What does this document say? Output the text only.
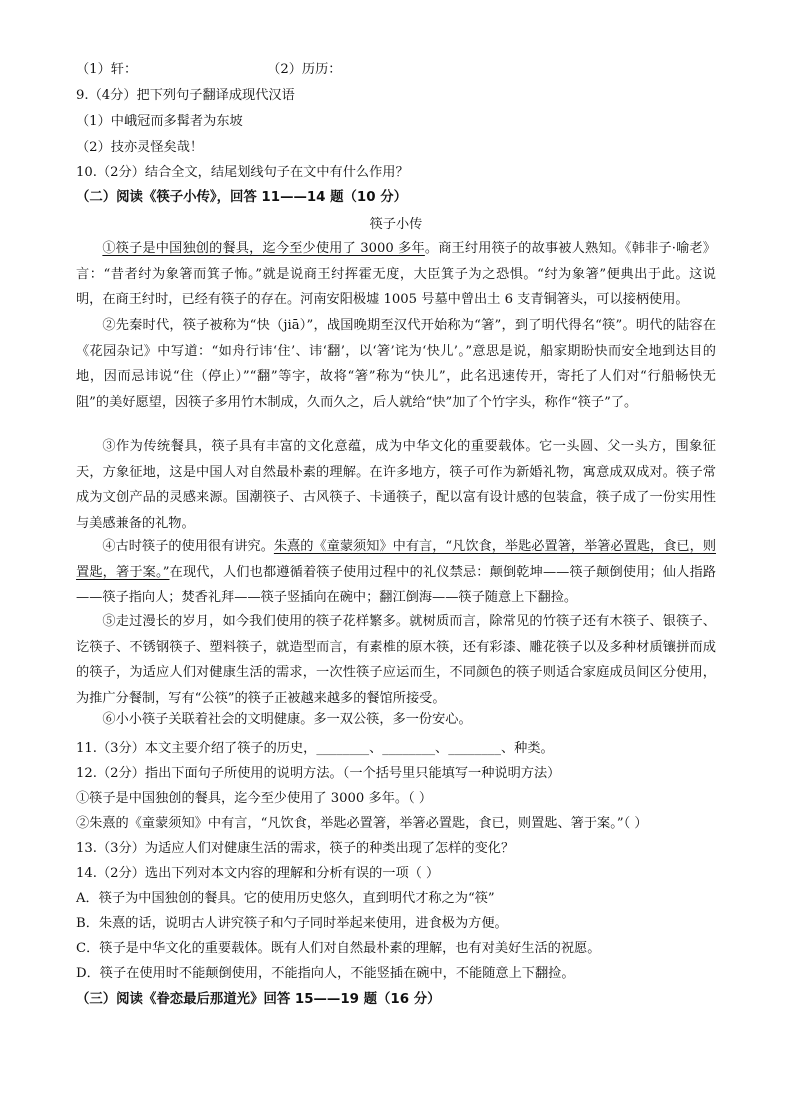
（1）轩：	（2）历历：
9.（4分）把下列句子翻译成现代汉语
（1）中峨冠而多髯者为东坡
（2）技亦灵怪矣哉！
10.（2分）结合全文，结尾划线句子在文中有什么作用？
（二）阅读《筷子小传》，回答 11——14 题（10 分）
筷子小传
①筷子是中国独创的餐具，迄今至少使用了 3000 多年。商王纣用筷子的故事被人熟知。《韩非子·喻老》言：“昔者纣为象箸而箕子怖。”就是说商王纣挥霍无度，大臣箕子为之恐惧。“纣为象箸”便典出于此。这说明，在商王纣时，已经有筷子的存在。河南安阳极墟 1005 号墓中曾出土 6 支青铜箸头，可以接柄使用。
②先秦时代，筷子被称为“快（jiā）”，战国晚期至汉代开始称为“箸”，到了明代得名“筷”。明代的陆容在《花园杂记》中写道：“如舟行讳‘住’、讳‘翻’，以‘箸’诧为‘快儿’。”意思是说，船家期盼快而安全地到达目的地，因而忌讳说“住（停止）”“翻”等字，故将“箸”称为“快儿”，此名迅速传开，寄托了人们对“行船畅快无阻”的美好愿望，因筷子多用竹木制成，久而久之，后人就给“快”加了个竹字头，称作“筷子”了。
③作为传统餐具，筷子具有丰富的文化意蕴，成为中华文化的重要载体。它一头圆、父一头方，围象征天，方象征地，这是中国人对自然最朴素的理解。在许多地方，筷子可作为新婚礼物，寓意成双成对。筷子常成为文创产品的灵感来源。国潮筷子、古风筷子、卡通筷子，配以富有设计感的包装盒，筷子成了一份实用性与美感兼备的礼物。
④古时筷子的使用很有讲究。朱熹的《童蒙须知》中有言，“凡饮食，举匙必置箸，举箸必置匙，食已，则置匙，箸于案。”在现代，人们也都遵循着筷子使用过程中的礼仪禁忌：颠倒乾坤——筷子颠倒使用；仙人指路——筷子指向人；焚香礼拜——筷子竖插向在碗中；翻江倒海——筷子随意上下翻捡。
⑤走过漫长的岁月，如今我们使用的筷子花样繁多。就树质而言，除常见的竹筷子还有木筷子、银筷子、讫筷子、不锈钢筷子、塑料筷子，就造型而言，有素椎的原木筷，还有彩漆、雕花筷子以及多种材质镶拼而成的筷子，为适应人们对健康生活的需求，一次性筷子应运而生，不同颜色的筷子则适合家庭成员间区分使用，为推广分餐制，写有“公筷”的筷子正被越来越多的餐馆所接受。
⑥小小筷子关联着社会的文明健康。多一双公筷，多一份安心。
11.（3分）本文主要介绍了筷子的历史，________、________、________、种类。
12.（2分）指出下面句子所使用的说明方法。（一个括号里只能填写一种说明方法）
①筷子是中国独创的餐具，迄今至少使用了 3000 多年。（ ）
②朱熹的《童蒙须知》中有言，“凡饮食，举匙必置箸，举箸必置匙，食已，则置匙、箸于案。”（ ）
13.（3分）为适应人们对健康生活的需求，筷子的种类出现了怎样的变化？
14.（2分）选出下列对本文内容的理解和分析有误的一项（ ）
A．筷子为中国独创的餐具。它的使用历史悠久，直到明代才称之为“筷”
B．朱熹的话，说明古人讲究筷子和勺子同时举起来使用，进食极为方便。
C．筷子是中华文化的重要载体。既有人们对自然最朴素的理解，也有对美好生活的祝愿。
D．筷子在使用时不能颠倒使用，不能指向人，不能竖插在碗中，不能随意上下翻捡。
（三）阅读《眷恋最后那道光》回答 15——19 题（16 分）
